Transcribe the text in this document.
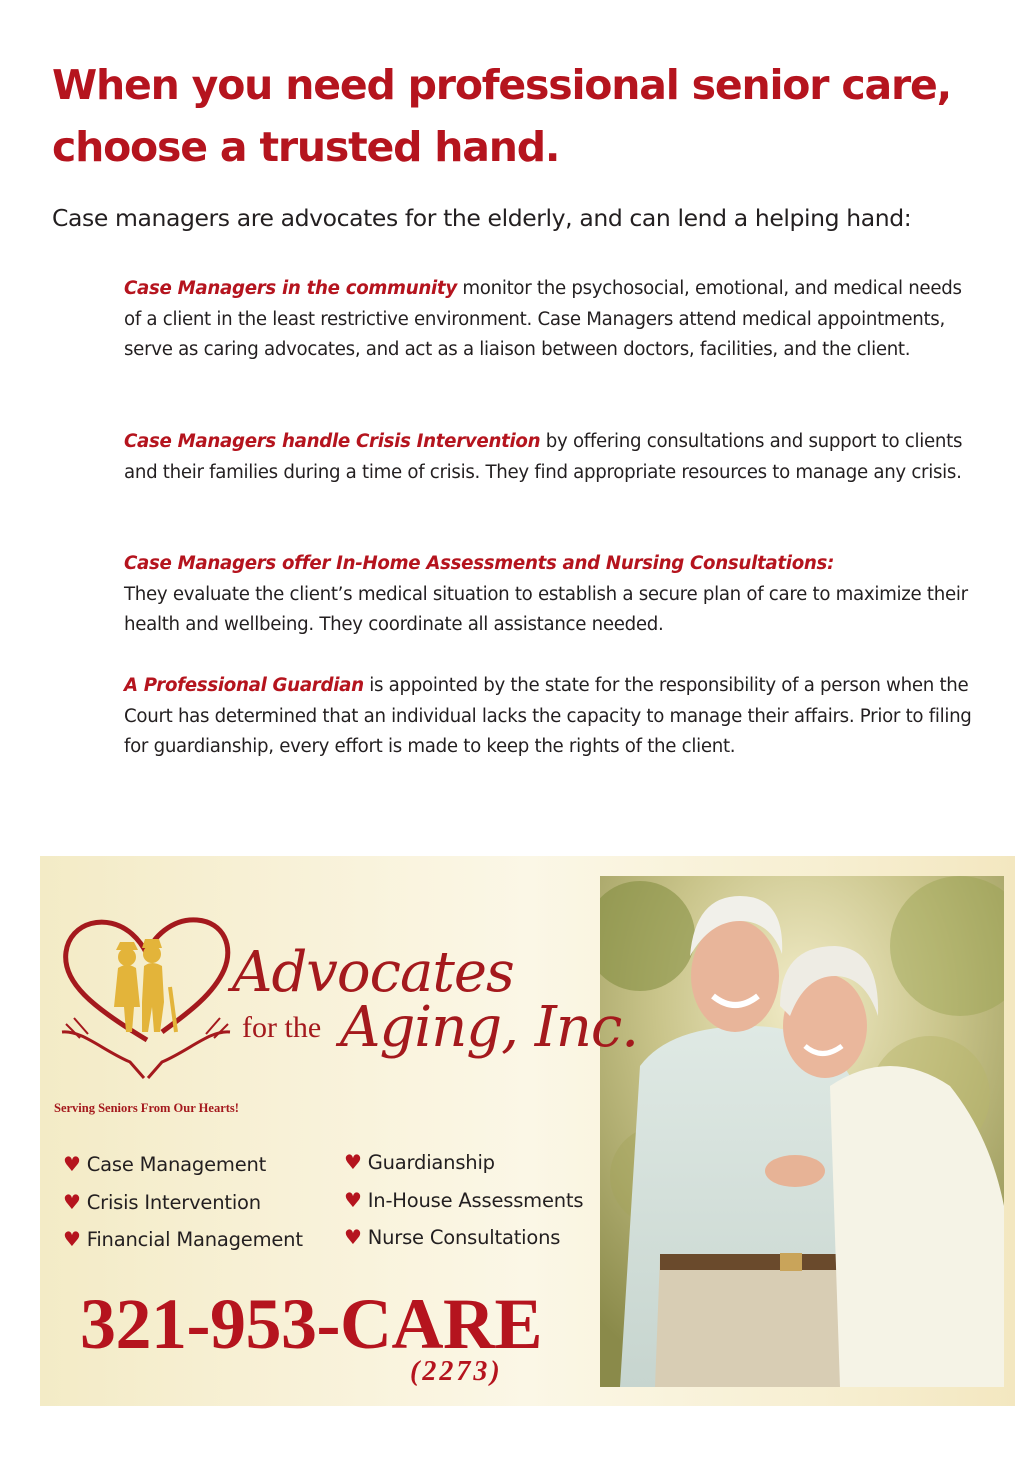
When you need professional senior care,
choose a trusted hand.

Case managers are advocates for the elderly, and can lend a helping hand:

Case Managers in the community monitor the psychosocial, emotional, and medical needs of a client in the least restrictive environment. Case Managers attend medical appointments, serve as caring advocates, and act as a liaison between doctors, facilities, and the client.

Case Managers handle Crisis Intervention by offering consultations and support to clients and their families during a time of crisis. They find appropriate resources to manage any crisis.

Case Managers offer In-Home Assessments and Nursing Consultations:
They evaluate the client’s medical situation to establish a secure plan of care to maximize their health and wellbeing. They coordinate all assistance needed.

A Professional Guardian is appointed by the state for the responsibility of a person when the Court has determined that an individual lacks the capacity to manage their affairs. Prior to filing for guardianship, every effort is made to keep the rights of the client.

Advocates

for the Aging, Inc.

Serving Seniors From Our Hearts!

♥ Case Management
♥ Crisis Intervention
♥ Financial Management
♥ Guardianship
♥ In-House Assessments
♥ Nurse Consultations

321-953-CARE

(2273)
